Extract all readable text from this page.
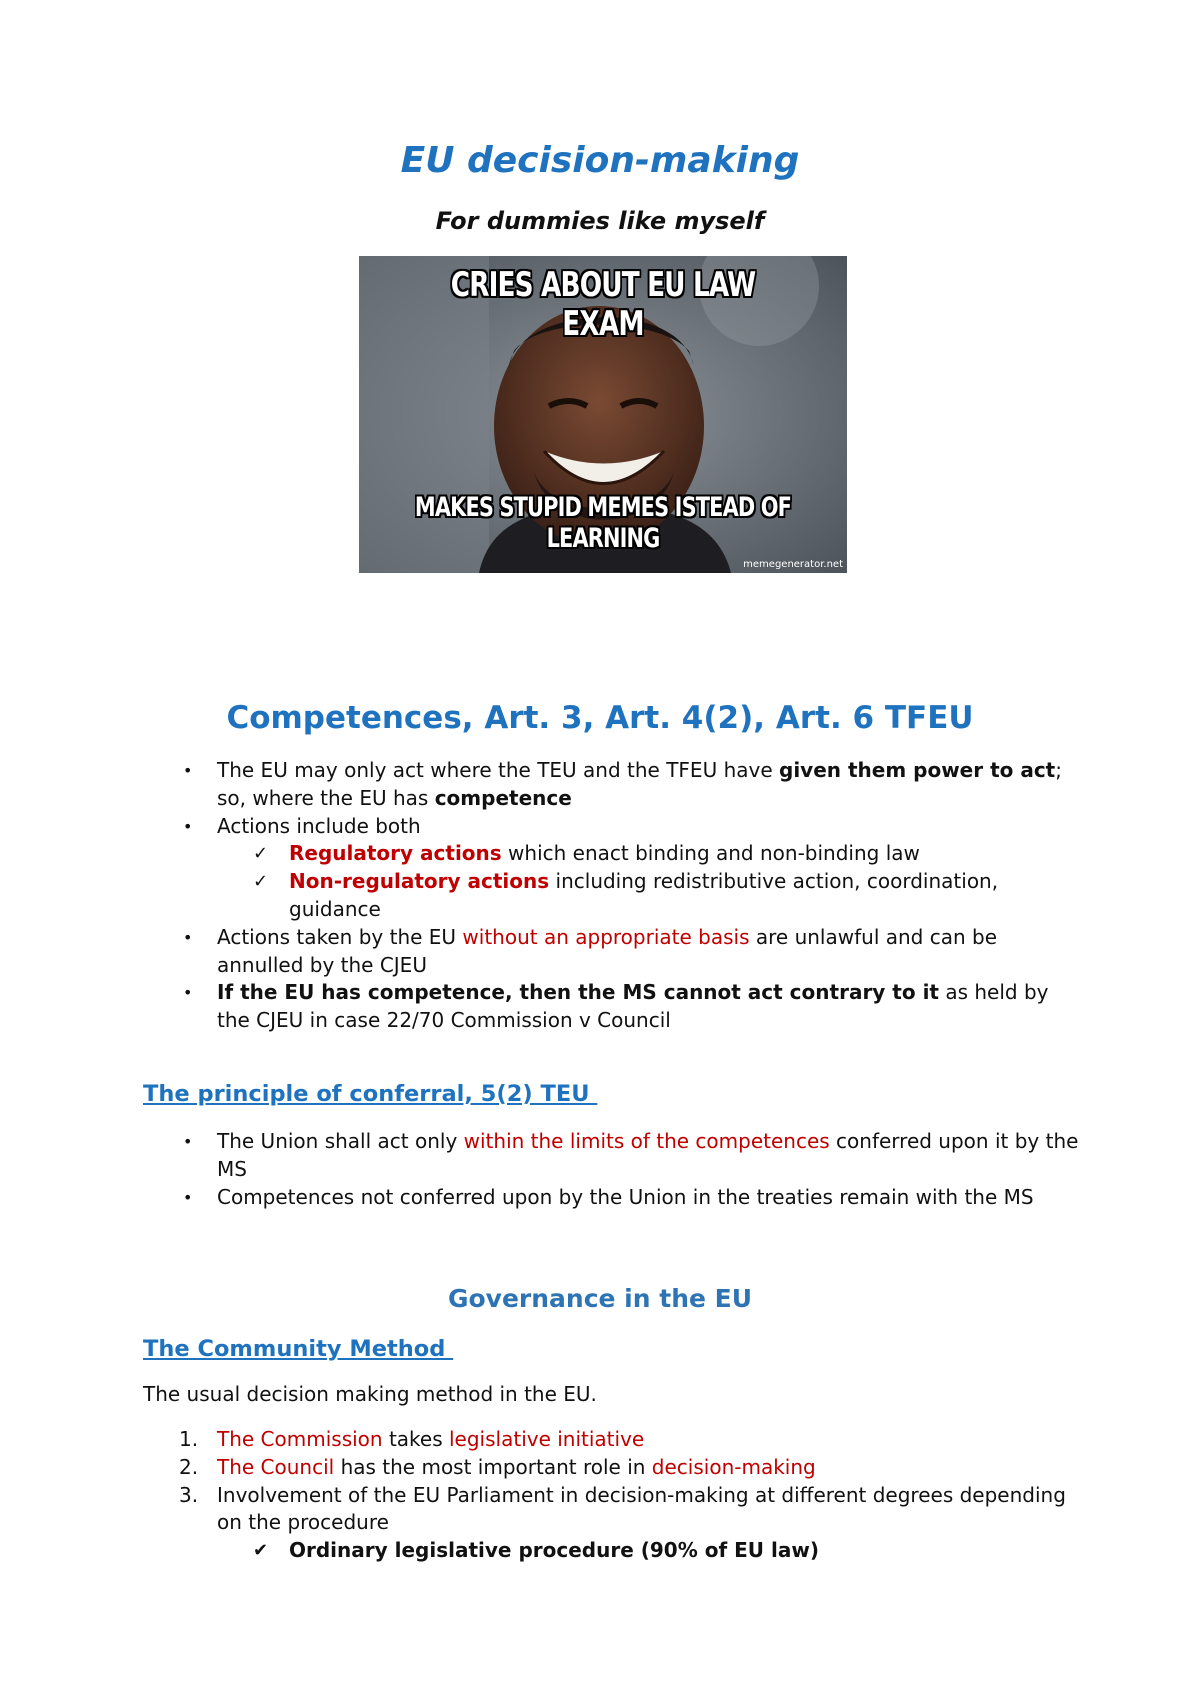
EU decision-making
For dummies like myself
CRIES ABOUT EU LAW
EXAM
MAKES STUPID MEMES ISTEAD OF
LEARNING
memegenerator.net
Competences, Art. 3, Art. 4(2), Art. 6 TFEU
• The EU may only act where the TEU and the TFEU have given them power to act; so, where the EU has competence
• Actions include both
✓ Regulatory actions which enact binding and non-binding law
✓ Non-regulatory actions including redistributive action, coordination, guidance
• Actions taken by the EU without an appropriate basis are unlawful and can be annulled by the CJEU
• If the EU has competence, then the MS cannot act contrary to it as held by the CJEU in case 22/70 Commission v Council
The principle of conferral, 5(2) TEU
• The Union shall act only within the limits of the competences conferred upon it by the MS
• Competences not conferred upon by the Union in the treaties remain with the MS
Governance in the EU
The Community Method

The usual decision making method in the EU.

1. The Commission takes legislative initiative
2. The Council has the most important role in decision-making
3. Involvement of the EU Parliament in decision-making at different degrees depending on the procedure
✔ Ordinary legislative procedure (90% of EU law)
